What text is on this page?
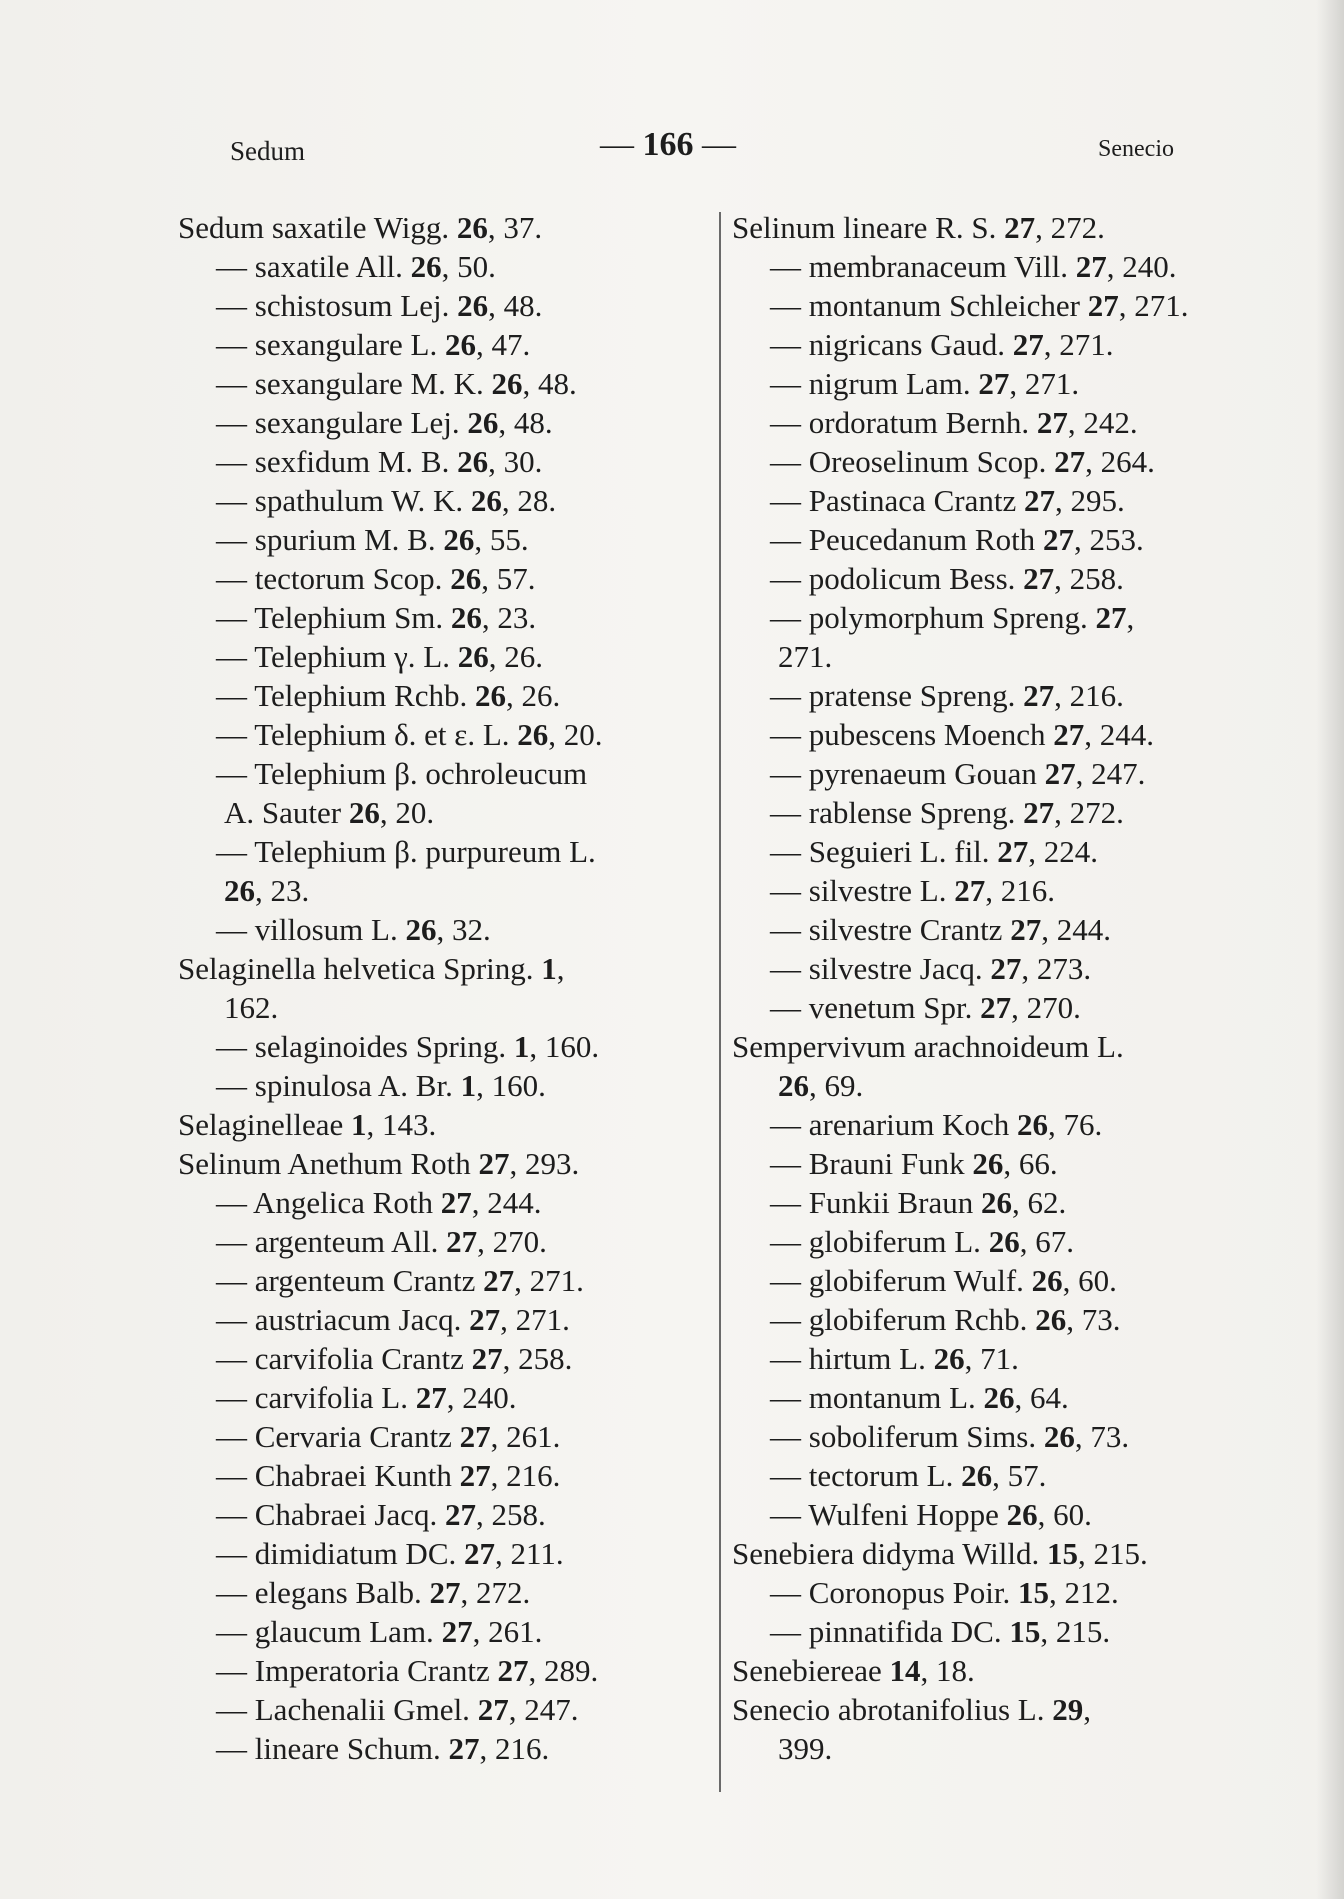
Sedum	— 166 —	Senecio
Sedum saxatile Wigg. 26, 37.
— saxatile All. 26, 50.
— schistosum Lej. 26, 48.
— sexangulare L. 26, 47.
— sexangulare M. K. 26, 48.
— sexangulare Lej. 26, 48.
— sexfidum M. B. 26, 30.
— spathulum W. K. 26, 28.
— spurium M. B. 26, 55.
— tectorum Scop. 26, 57.
— Telephium Sm. 26, 23.
— Telephium γ. L. 26, 26.
— Telephium Rchb. 26, 26.
— Telephium δ. et ε. L. 26, 20.
— Telephium β. ochroleucum
A. Sauter 26, 20.
— Telephium β. purpureum L.
26, 23.
— villosum L. 26, 32.
Selaginella helvetica Spring. 1,
162.
— selaginoides Spring. 1, 160.
— spinulosa A. Br. 1, 160.
Selaginelleae 1, 143.
Selinum Anethum Roth 27, 293.
— Angelica Roth 27, 244.
— argenteum All. 27, 270.
— argenteum Crantz 27, 271.
— austriacum Jacq. 27, 271.
— carvifolia Crantz 27, 258.
— carvifolia L. 27, 240.
— Cervaria Crantz 27, 261.
— Chabraei Kunth 27, 216.
— Chabraei Jacq. 27, 258.
— dimidiatum DC. 27, 211.
— elegans Balb. 27, 272.
— glaucum Lam. 27, 261.
— Imperatoria Crantz 27, 289.
— Lachenalii Gmel. 27, 247.
— lineare Schum. 27, 216.
Selinum lineare R. S. 27, 272.
— membranaceum Vill. 27, 240.
— montanum Schleicher 27, 271.
— nigricans Gaud. 27, 271.
— nigrum Lam. 27, 271.
— ordoratum Bernh. 27, 242.
— Oreoselinum Scop. 27, 264.
— Pastinaca Crantz 27, 295.
— Peucedanum Roth 27, 253.
— podolicum Bess. 27, 258.
— polymorphum Spreng. 27,
271.
— pratense Spreng. 27, 216.
— pubescens Moench 27, 244.
— pyrenaeum Gouan 27, 247.
— rablense Spreng. 27, 272.
— Seguieri L. fil. 27, 224.
— silvestre L. 27, 216.
— silvestre Crantz 27, 244.
— silvestre Jacq. 27, 273.
— venetum Spr. 27, 270.
Sempervivum arachnoideum L.
26, 69.
— arenarium Koch 26, 76.
— Brauni Funk 26, 66.
— Funkii Braun 26, 62.
— globiferum L. 26, 67.
— globiferum Wulf. 26, 60.
— globiferum Rchb. 26, 73.
— hirtum L. 26, 71.
— montanum L. 26, 64.
— soboliferum Sims. 26, 73.
— tectorum L. 26, 57.
— Wulfeni Hoppe 26, 60.
Senebiera didyma Willd. 15, 215.
— Coronopus Poir. 15, 212.
— pinnatifida DC. 15, 215.
Senebiereae 14, 18.
Senecio abrotanifolius L. 29,
399.
